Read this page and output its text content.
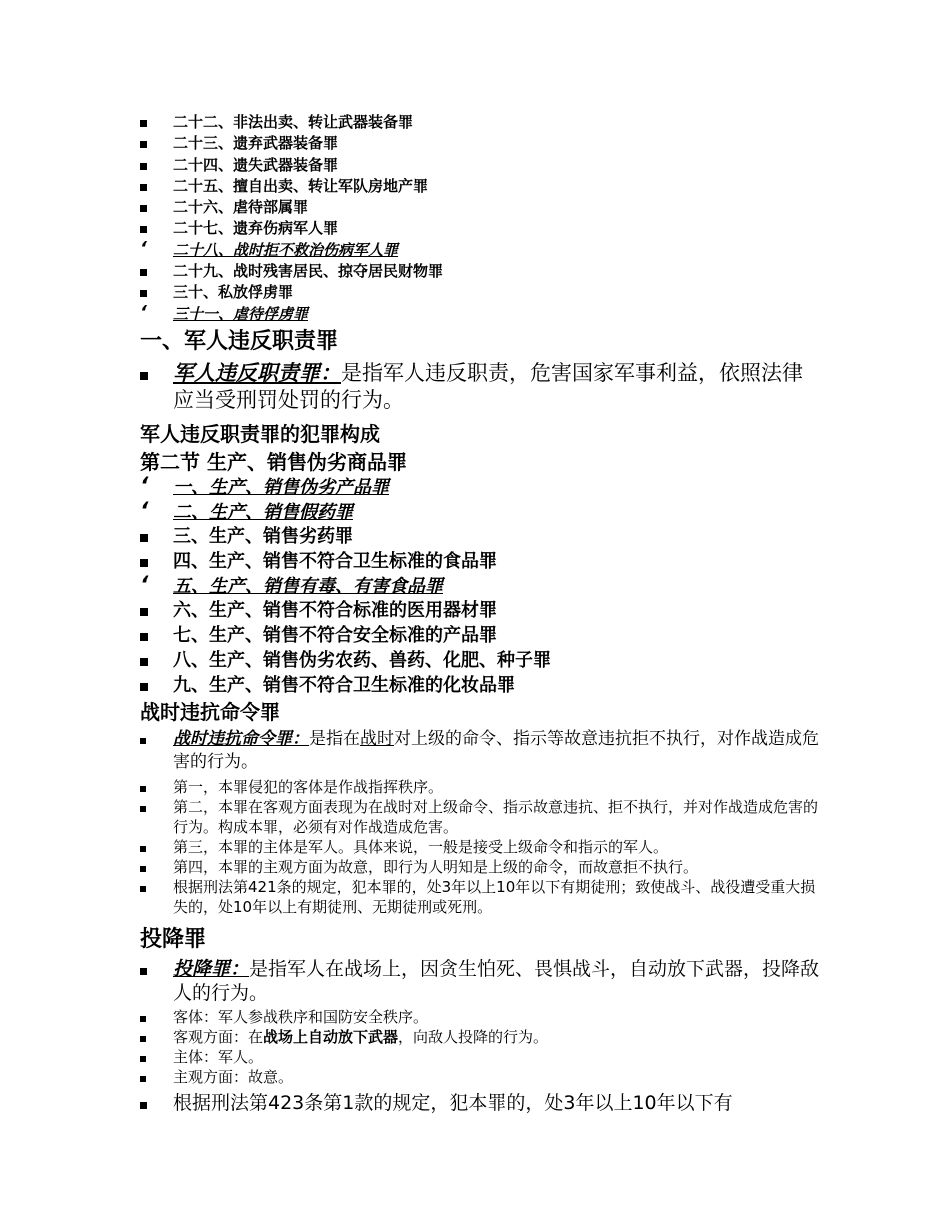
二十二、非法出卖、转让武器装备罪
二十三、遗弃武器装备罪
二十四、遗失武器装备罪
二十五、擅自出卖、转让军队房地产罪
二十六、虐待部属罪
二十七、遗弃伤病军人罪
ʻ 二十八、战时拒不救治伤病军人罪
二十九、战时残害居民、掠夺居民财物罪
三十、私放俘虏罪
ʻ 三十一、虐待俘虏罪
一、军人违反职责罪
军人违反职责罪：是指军人违反职责，危害国家军事利益，依照法律应当受刑罚处罚的行为。
军人违反职责罪的犯罪构成
第二节 生产、销售伪劣商品罪
ʻ 一、生产、销售伪劣产品罪
ʻ 二、生产、销售假药罪
三、生产、销售劣药罪
四、生产、销售不符合卫生标准的食品罪
ʻ 五、生产、销售有毒、有害食品罪
六、生产、销售不符合标准的医用器材罪
七、生产、销售不符合安全标准的产品罪
八、生产、销售伪劣农药、兽药、化肥、种子罪
九、生产、销售不符合卫生标准的化妆品罪
战时违抗命令罪
战时违抗命令罪：是指在战时对上级的命令、指示等故意违抗拒不执行，对作战造成危害的行为。
第一，本罪侵犯的客体是作战指挥秩序。
第二，本罪在客观方面表现为在战时对上级命令、指示故意违抗、拒不执行，并对作战造成危害的行为。构成本罪，必须有对作战造成危害。
第三，本罪的主体是军人。具体来说，一般是接受上级命令和指示的军人。
第四，本罪的主观方面为故意，即行为人明知是上级的命令，而故意拒不执行。
根据刑法第421条的规定，犯本罪的，处3年以上10年以下有期徒刑；致使战斗、战役遭受重大损失的，处10年以上有期徒刑、无期徒刑或死刑。
投降罪
投降罪：是指军人在战场上，因贪生怕死、畏惧战斗，自动放下武器，投降敌人的行为。
客体：军人参战秩序和国防安全秩序。
客观方面：在战场上自动放下武器，向敌人投降的行为。
主体：军人。
主观方面：故意。
根据刑法第423条第1款的规定，犯本罪的，处3年以上10年以下有
